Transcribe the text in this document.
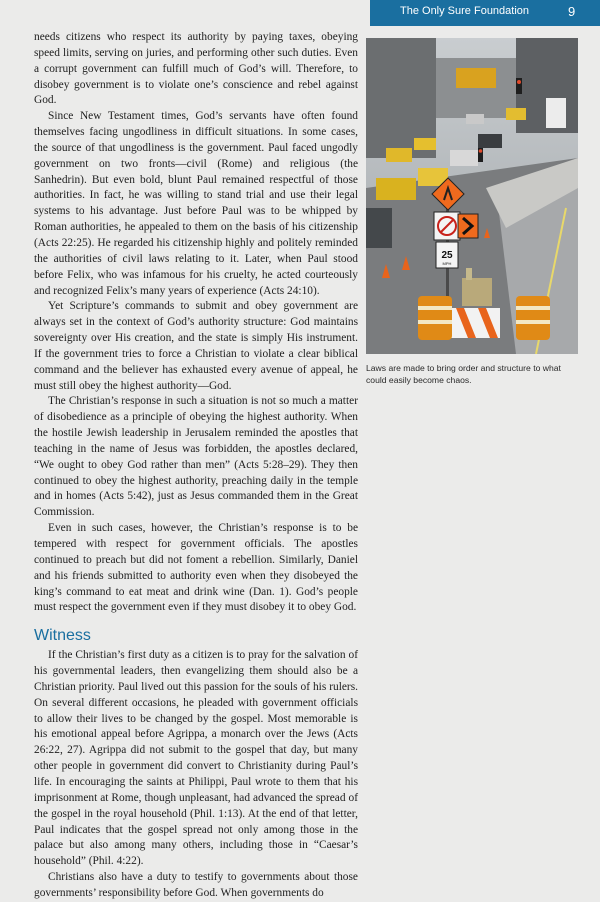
The Only Sure Foundation	9

needs citizens who respect its authority by paying taxes, obeying speed limits, serving on juries, and performing other such duties. Even a corrupt government can fulfill much of God’s will. Therefore, to disobey government is to violate one’s conscience and rebel against God.

Since New Testament times, God’s servants have often found themselves facing ungodliness in difficult situations. In some cases, the source of that ungodliness is the government. Paul faced ungodly government on two fronts—civil (Rome) and religious (the Sanhedrin). But even bold, blunt Paul remained respectful of those authorities. In fact, he was willing to stand trial and use their legal systems to his advantage. Just before Paul was to be whipped by Roman authorities, he appealed to them on the basis of his citizenship (Acts 22:25). He regarded his citizenship highly and politely reminded the authorities of civil laws relating to it. Later, when Paul stood before Felix, who was infamous for his cruelty, he acted courteously and recognized Felix’s many years of experience (Acts 24:10).

Yet Scripture’s commands to submit and obey government are always set in the context of God’s authority structure: God maintains sovereignty over His creation, and the state is simply His instrument. If the government tries to force a Christian to violate a clear biblical command and the believer has exhausted every avenue of appeal, he must still obey the highest authority—God.

The Christian’s response in such a situation is not so much a matter of disobedience as a principle of obeying the highest authority. When the hostile Jewish leadership in Jerusalem reminded the apostles that teaching in the name of Jesus was forbidden, the apostles declared, “We ought to obey God rather than men” (Acts 5:28–29). They then continued to obey the highest authority, preaching daily in the temple and in homes (Acts 5:42), just as Jesus commanded them in the Great Commission.

Even in such cases, however, the Christian’s response is to be tempered with respect for government officials. The apostles continued to preach but did not foment a rebellion. Similarly, Daniel and his friends submitted to authority even when they disobeyed the king’s command to eat meat and drink wine (Dan. 1). God’s people must respect the government even if they must disobey it to obey God.

Witness

If the Christian’s first duty as a citizen is to pray for the salvation of his governmental leaders, then evangelizing them should also be a Christian priority. Paul lived out this passion for the souls of his rulers. On several different occasions, he pleaded with government officials to allow their lives to be changed by the gospel. Most memorable is his emotional appeal before Agrippa, a monarch over the Jews (Acts 26:22, 27). Agrippa did not submit to the gospel that day, but many other people in government did convert to Christianity during Paul’s life. In encouraging the saints at Philippi, Paul wrote to them that his imprisonment at Rome, though unpleasant, had advanced the spread of the gospel in the royal household (Phil. 1:13). At the end of that letter, Paul indicates that the gospel spread not only among those in the palace but also among many others, including those in “Caesar’s household” (Phil. 4:22).

Christians also have a duty to testify to governments about those governments’ responsibility before God. When governments do

25
MPH
Laws are made to bring order and structure to what could easily become chaos.
